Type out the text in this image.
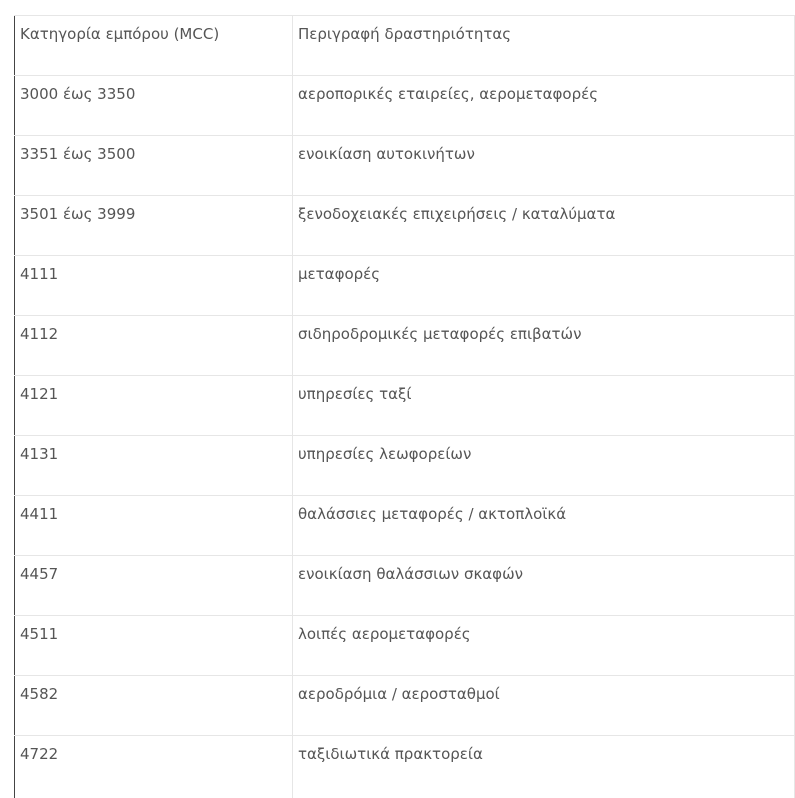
Κατηγορία εμπόρου (MCC)	Περιγραφή δραστηριότητας

3000 έως 3350	αεροπορικές εταιρείες, αερομεταφορές

3351 έως 3500	ενοικίαση αυτοκινήτων

3501 έως 3999	ξενοδοχειακές επιχειρήσεις / καταλύματα

4111	μεταφορές

4112	σιδηροδρομικές μεταφορές επιβατών

4121	υπηρεσίες ταξί

4131	υπηρεσίες λεωφορείων

4411	θαλάσσιες μεταφορές / ακτοπλοϊκά

4457	ενοικίαση θαλάσσιων σκαφών

4511	λοιπές αερομεταφορές

4582	αεροδρόμια / αεροσταθμοί

4722	ταξιδιωτικά πρακτορεία
